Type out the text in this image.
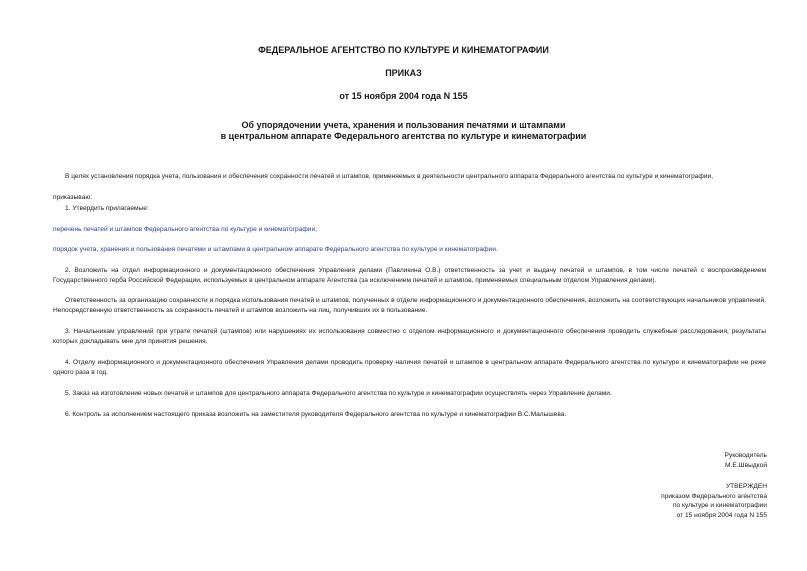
ФЕДЕРАЛЬНОЕ АГЕНТСТВО ПО КУЛЬТУРЕ И КИНЕМАТОГРАФИИ
ПРИКАЗ
от 15 ноября 2004 года N 155
Об упорядочении учета, хранения и пользования печатями и штампами
в центральном аппарате Федерального агентства по культуре и кинематографии
В целях установления порядка учета, пользования и обеспечения сохранности печатей и штампов, применяемых в деятельности центрального аппарата Федерального агентства по культуре и кинематографии,
приказываю:
1. Утвердить прилагаемые:
перечень печатей и штампов Федерального агентства по культуре и кинематографии;
порядок учета, хранения и пользования печатями и штампами в центральном аппарате Федерального агентства по культуре и кинематографии.
2. Возложить на отдел информационного и документационного обеспечения Управления делами (Павликина О.В.) ответственность за учет и выдачу печатей и штампов, в том числе печатей с воспроизведением Государственного герба Российской Федерации, используемых в центральном аппарате Агентства (за исключением печатей и штампов, применяемых специальным отделом Управления делами).
Ответственность за организацию сохранности и порядка использования печатей и штампов, полученных в отделе информационного и документационного обеспечения, возложить на соответствующих начальников управлений. Непосредственную ответственность за сохранность печатей и штампов возложить на лиц, получивших их в пользование.
3. Начальникам управлений при утрате печатей (штампов) или нарушениях их использования совместно с отделом информационного и документационного обеспечения проводить служебные расследования, результаты которых докладывать мне для принятия решения.
4. Отделу информационного и документационного обеспечения Управления делами проводить проверку наличия печатей и штампов в центральном аппарате Федерального агентства по культуре и кинематографии не реже одного раза в год.
5. Заказ на изготовление новых печатей и штампов для центрального аппарата Федерального агентства по культуре и кинематографии осуществлять через Управление делами.
6. Контроль за исполнением настоящего приказа возложить на заместителя руководителя Федерального агентства по культуре и кинематографии В.С.Малышева.
Руководитель
М.Е.Швыдкой
УТВЕРЖДЕН
приказом Федерального агентства
по культуре и кинематографии
от 15 ноября 2004 года N 155
